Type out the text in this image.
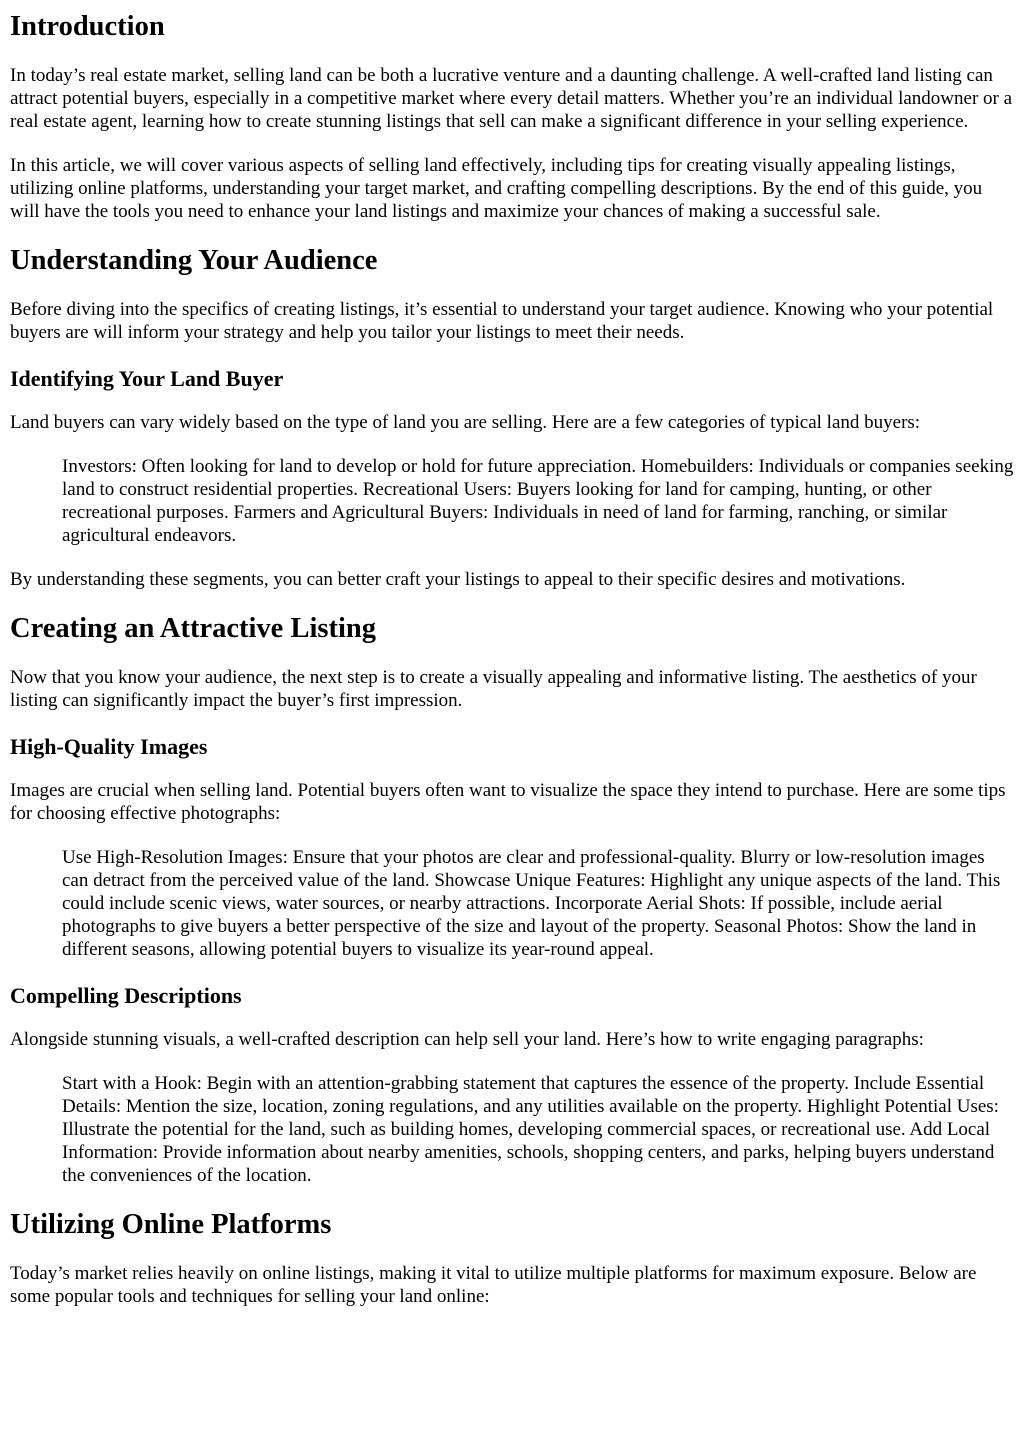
Introduction

In today’s real estate market, selling land can be both a lucrative venture and a daunting challenge. A well-crafted land listing can attract potential buyers, especially in a competitive market where every detail matters. Whether you’re an individual landowner or a real estate agent, learning how to create stunning listings that sell can make a significant difference in your selling experience.

In this article, we will cover various aspects of selling land effectively, including tips for creating visually appealing listings, utilizing online platforms, understanding your target market, and crafting compelling descriptions. By the end of this guide, you will have the tools you need to enhance your land listings and maximize your chances of making a successful sale.

Understanding Your Audience

Before diving into the specifics of creating listings, it’s essential to understand your target audience. Knowing who your potential buyers are will inform your strategy and help you tailor your listings to meet their needs.

Identifying Your Land Buyer

Land buyers can vary widely based on the type of land you are selling. Here are a few categories of typical land buyers:

Investors: Often looking for land to develop or hold for future appreciation. Homebuilders: Individuals or companies seeking land to construct residential properties. Recreational Users: Buyers looking for land for camping, hunting, or other recreational purposes. Farmers and Agricultural Buyers: Individuals in need of land for farming, ranching, or similar agricultural endeavors.

By understanding these segments, you can better craft your listings to appeal to their specific desires and motivations.

Creating an Attractive Listing

Now that you know your audience, the next step is to create a visually appealing and informative listing. The aesthetics of your listing can significantly impact the buyer’s first impression.

High-Quality Images

Images are crucial when selling land. Potential buyers often want to visualize the space they intend to purchase. Here are some tips for choosing effective photographs:

Use High-Resolution Images: Ensure that your photos are clear and professional-quality. Blurry or low-resolution images can detract from the perceived value of the land. Showcase Unique Features: Highlight any unique aspects of the land. This could include scenic views, water sources, or nearby attractions. Incorporate Aerial Shots: If possible, include aerial photographs to give buyers a better perspective of the size and layout of the property. Seasonal Photos: Show the land in different seasons, allowing potential buyers to visualize its year-round appeal.
Compelling Descriptions

Alongside stunning visuals, a well-crafted description can help sell your land. Here’s how to write engaging paragraphs:

Start with a Hook: Begin with an attention-grabbing statement that captures the essence of the property. Include Essential Details: Mention the size, location, zoning regulations, and any utilities available on the property. Highlight Potential Uses: Illustrate the potential for the land, such as building homes, developing commercial spaces, or recreational use. Add Local Information: Provide information about nearby amenities, schools, shopping centers, and parks, helping buyers understand the conveniences of the location.
Utilizing Online Platforms

Today’s market relies heavily on online listings, making it vital to utilize multiple platforms for maximum exposure. Below are some popular tools and techniques for selling your land online:
